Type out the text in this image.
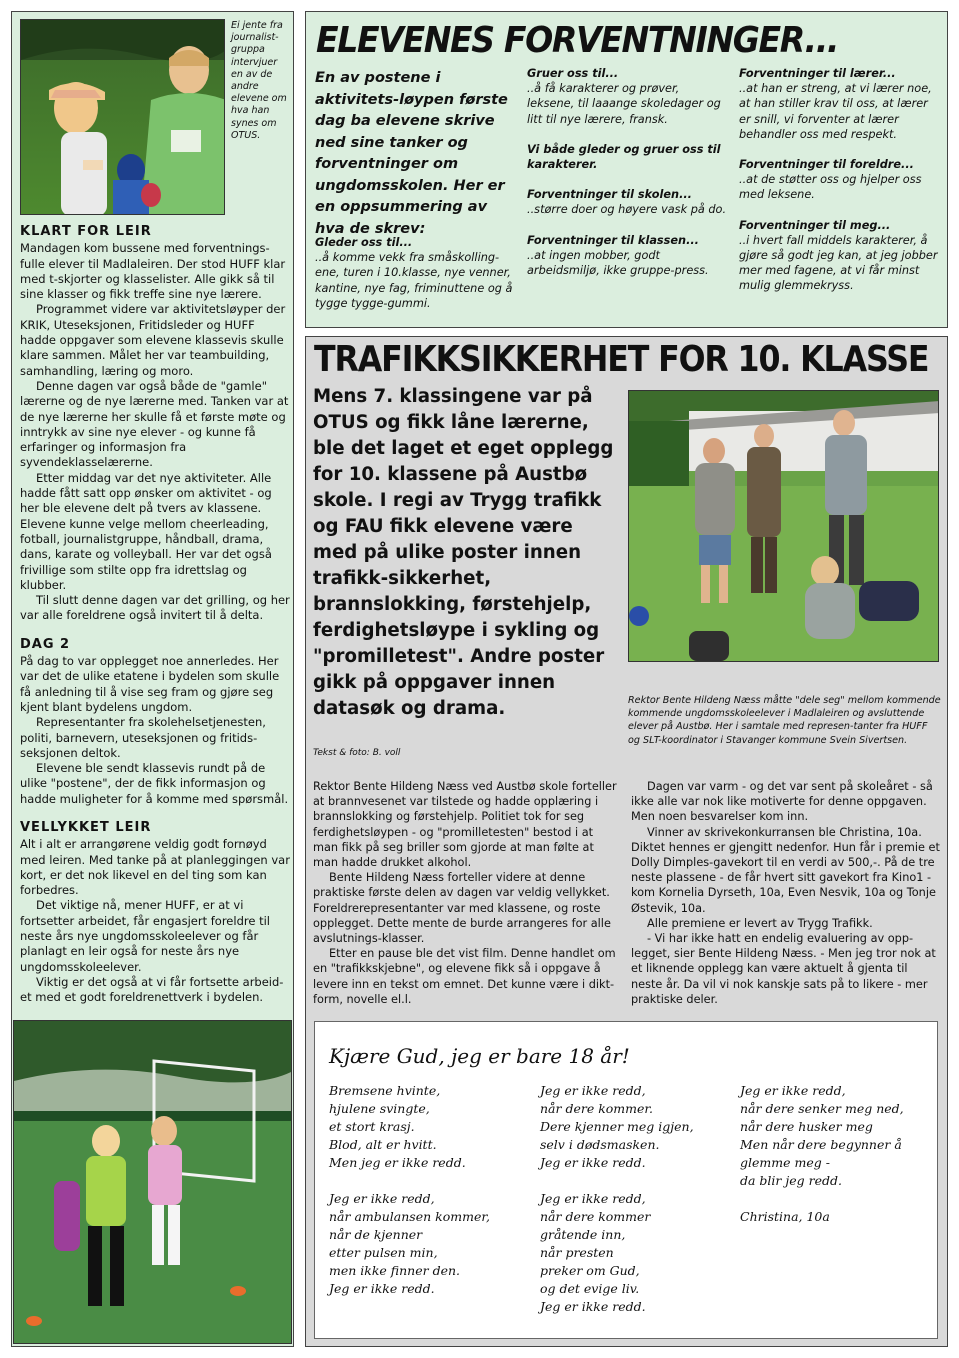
Ei jente fra journalist-gruppa intervjuer en av de andre elevene om hva han synes om OTUS.
KLART FOR LEIR

Mandagen kom bussene med forventnings-fulle elever til Madlaleiren. Der stod HUFF klar med t-skjorter og klasselister. Alle gikk så til sine klasser og fikk treffe sine nye lærere.

Programmet videre var aktivitetsløyper der KRIK, Uteseksjonen, Fritidsleder og HUFF hadde oppgaver som elevene klassevis skulle klare sammen. Målet her var teambuilding, samhandling, læring og moro.

Denne dagen var også både de "gamle" lærerne og de nye lærerne med. Tanken var at de nye lærerne her skulle få et første møte og inntrykk av sine nye elever - og kunne få erfaringer og informasjon fra syvendeklasselærerne.

Etter middag var det nye aktiviteter. Alle hadde fått satt opp ønsker om aktivitet - og her ble elevene delt på tvers av klassene. Elevene kunne velge mellom cheerleading, fotball, journalistgruppe, håndball, drama, dans, karate og volleyball. Her var det også frivillige som stilte opp fra idrettslag og klubber.

Til slutt denne dagen var det grilling, og her var alle foreldrene også invitert til å delta.

DAG 2

På dag to var opplegget noe annerledes. Her var det de ulike etatene i bydelen som skulle få anledning til å vise seg fram og gjøre seg kjent blant bydelens ungdom.

Representanter fra skolehelsetjenesten, politi, barnevern, uteseksjonen og fritids-seksjonen deltok.

Elevene ble sendt klassevis rundt på de ulike "postene", der de fikk informasjon og hadde muligheter for å komme med spørsmål.

VELLYKKET LEIR

Alt i alt er arrangørene veldig godt fornøyd med leiren. Med tanke på at planleggingen var kort, er det nok likevel en del ting som kan forbedres.

Det viktige nå, mener HUFF, er at vi fortsetter arbeidet, får engasjert foreldre til neste års nye ungdomsskoleelever og får planlagt en leir også for neste års nye ungdomsskoleelever.

Viktig er det også at vi får fortsette arbeid-et med et godt foreldrenettverk i bydelen.

ELEVENES FORVENTNINGER...
En av postene i aktivitets-løypen første dag ba elevene skrive ned sine tanker og forventninger om ungdomsskolen. Her er en oppsummering av hva de skrev:
Gleder oss til...
..å komme vekk fra småskolling-ene, turen i 10.klasse, nye venner, kantine, nye fag, friminuttene og å tygge tygge-gummi.
Gruer oss til...
..å få karakterer og prøver, leksene, til laaange skoledager og litt til nye lærere, fransk.
Vi både gleder og gruer oss til karakterer.
Forventninger til skolen...
..større doer og høyere vask på do.
Forventninger til klassen...
..at ingen mobber, godt arbeidsmiljø, ikke gruppe-press.
Forventninger til lærer...
..at han er streng, at vi lærer noe, at han stiller krav til oss, at lærer er snill, vi forventer at lærer behandler oss med respekt.
Forventninger til foreldre...
..at de støtter oss og hjelper oss med leksene.
Forventninger til meg...
..i hvert fall middels karakterer, å gjøre så godt jeg kan, at jeg jobber mer med fagene, at vi får minst mulig glemmekryss.
TRAFIKKSIKKERHET FOR 10. KLASSE
Mens 7. klassingene var på OTUS og fikk låne lærerne, ble det laget et eget opplegg for 10. klassene på Austbø skole. I regi av Trygg trafikk og FAU fikk elevene være med på ulike poster innen trafikk-sikkerhet, brannslokking, førstehjelp, ferdighetsløype i sykling og "promilletest". Andre poster gikk på oppgaver innen datasøk og drama.
Tekst & foto: B. voll
Rektor Bente Hildeng Næss måtte "dele seg" mellom kommende kommende ungdomsskoleelever i Madlaleiren og avsluttende elever på Austbø. Her i samtale med represen-tanter fra HUFF og SLT-koordinator i Stavanger kommune Svein Sivertsen.

Rektor Bente Hildeng Næss ved Austbø skole forteller at brannvesenet var tilstede og hadde opplæring i brannslokking og førstehjelp. Politiet tok for seg ferdighetsløypen - og "promilletesten" bestod i at man fikk på seg briller som gjorde at man følte at man hadde drukket alkohol.

Bente Hildeng Næss forteller videre at denne praktiske første delen av dagen var veldig vellykket. Foreldrerepresentanter var med klassene, og roste opplegget. Dette mente de burde arrangeres for alle avslutnings-klasser.

Etter en pause ble det vist film. Denne handlet om en "trafikkskjebne", og elevene fikk så i oppgave å levere inn en tekst om emnet. Det kunne være i dikt-form, novelle el.l.

Dagen var varm - og det var sent på skoleåret - så ikke alle var nok like motiverte for denne oppgaven. Men noen besvarelser kom inn.

Vinner av skrivekonkurransen ble Christina, 10a. Diktet hennes er gjengitt nedenfor. Hun får i premie et Dolly Dimples-gavekort til en verdi av 500,-. På de tre neste plassene - de får hvert sitt gavekort fra Kino1 - kom Kornelia Dyrseth, 10a, Even Nesvik, 10a og Tonje Østevik, 10a.

Alle premiene er levert av Trygg Trafikk.

- Vi har ikke hatt en endelig evaluering av opp-legget, sier Bente Hildeng Næss. - Men jeg tror nok at et liknende opplegg kan være aktuelt å gjenta til neste år. Da vil vi nok kanskje sats på to likere - mer praktiske deler.

Kjære Gud, jeg er bare 18 år!
Bremsene hvinte,
hjulene svingte,
et stort krasj.
Blod, alt er hvitt.
Men jeg er ikke redd.
Jeg er ikke redd,
når ambulansen kommer,
når de kjenner
etter pulsen min,
men ikke finner den.
Jeg er ikke redd.
Jeg er ikke redd,
når dere kommer.
Dere kjenner meg igjen,
selv i dødsmasken.
Jeg er ikke redd.
Jeg er ikke redd,
når dere kommer
gråtende inn,
når presten
preker om Gud,
og det evige liv.
Jeg er ikke redd.
Jeg er ikke redd,
når dere senker meg ned,
når dere husker meg
Men når dere begynner å
glemme meg -
da blir jeg redd.
Christina, 10a
